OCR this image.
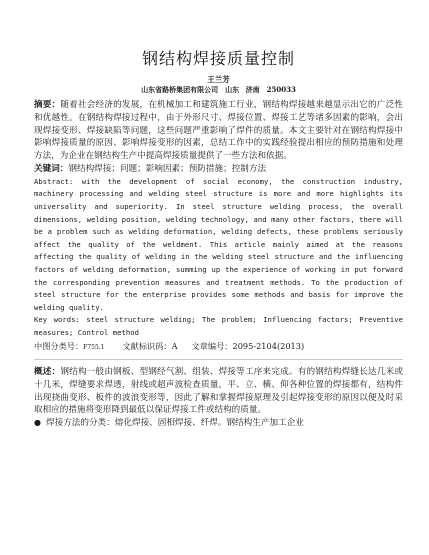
钢结构焊接质量控制
王兰芳
山东省路桥集团有限公司　山东 济南　250033

摘要：随着社会经济的发展，在机械加工和建筑施工行业，钢结构焊接越来越显示出它的广泛性和优越性。在钢结构焊接过程中，由于外形尺寸、焊接位置、焊接工艺等诸多因素的影响，会出现焊接变形、焊接缺陷等问题，这些问题严重影响了焊件的质量。本文主要针对在钢结构焊接中影响焊接质量的原因、影响焊接变形的因素，总结工作中的实践经验提出相应的预防措施和处理方法，为企业在钢结构生产中提高焊接质量提供了一些方法和依据。

关键词：钢结构焊接；问题；影响因素；预防措施；控制方法

Abstract: with the development of social economy, the construction industry, machinery processing and welding steel structure is more and more highlights its universality and superiority. In steel structure welding process, the overall dimensions, welding position, welding technology, and many other factors, there will be a problem such as welding deformation, welding defects, these problems seriously affect the quality of the weldment. This article mainly aimed at the reasons affecting the quality of welding in the welding steel structure and the influencing factors of welding deformation, summing up the experience of working in put forward the corresponding prevention measures and treatment methods. To the production of steel structure for the enterprise provides some methods and basis for improve the welding quality.

Key words: steel structure welding; The problem; Influencing factors; Preventive measures; Control method

中图分类号：F755.1 文献标识码：A 文章编号：2095-2104(2013)

概述：钢结构一般由钢板、型钢经气割、组装、焊接等工序来完成。有的钢结构焊缝长达几米或十几米，焊缝要求焊透，射线或超声波检查质量，平、立、横、仰各种位置的焊接都有，结构件出现挠曲变形、板件的波浪变形等，因此了解和掌握焊接原理及引起焊接变形的原因以便及时采取相应的措施将变形降到最低以保证焊接工件或结构的质量。

● 焊接方法的分类：熔化焊接、固相焊接、纤焊。钢结构生产加工企业
